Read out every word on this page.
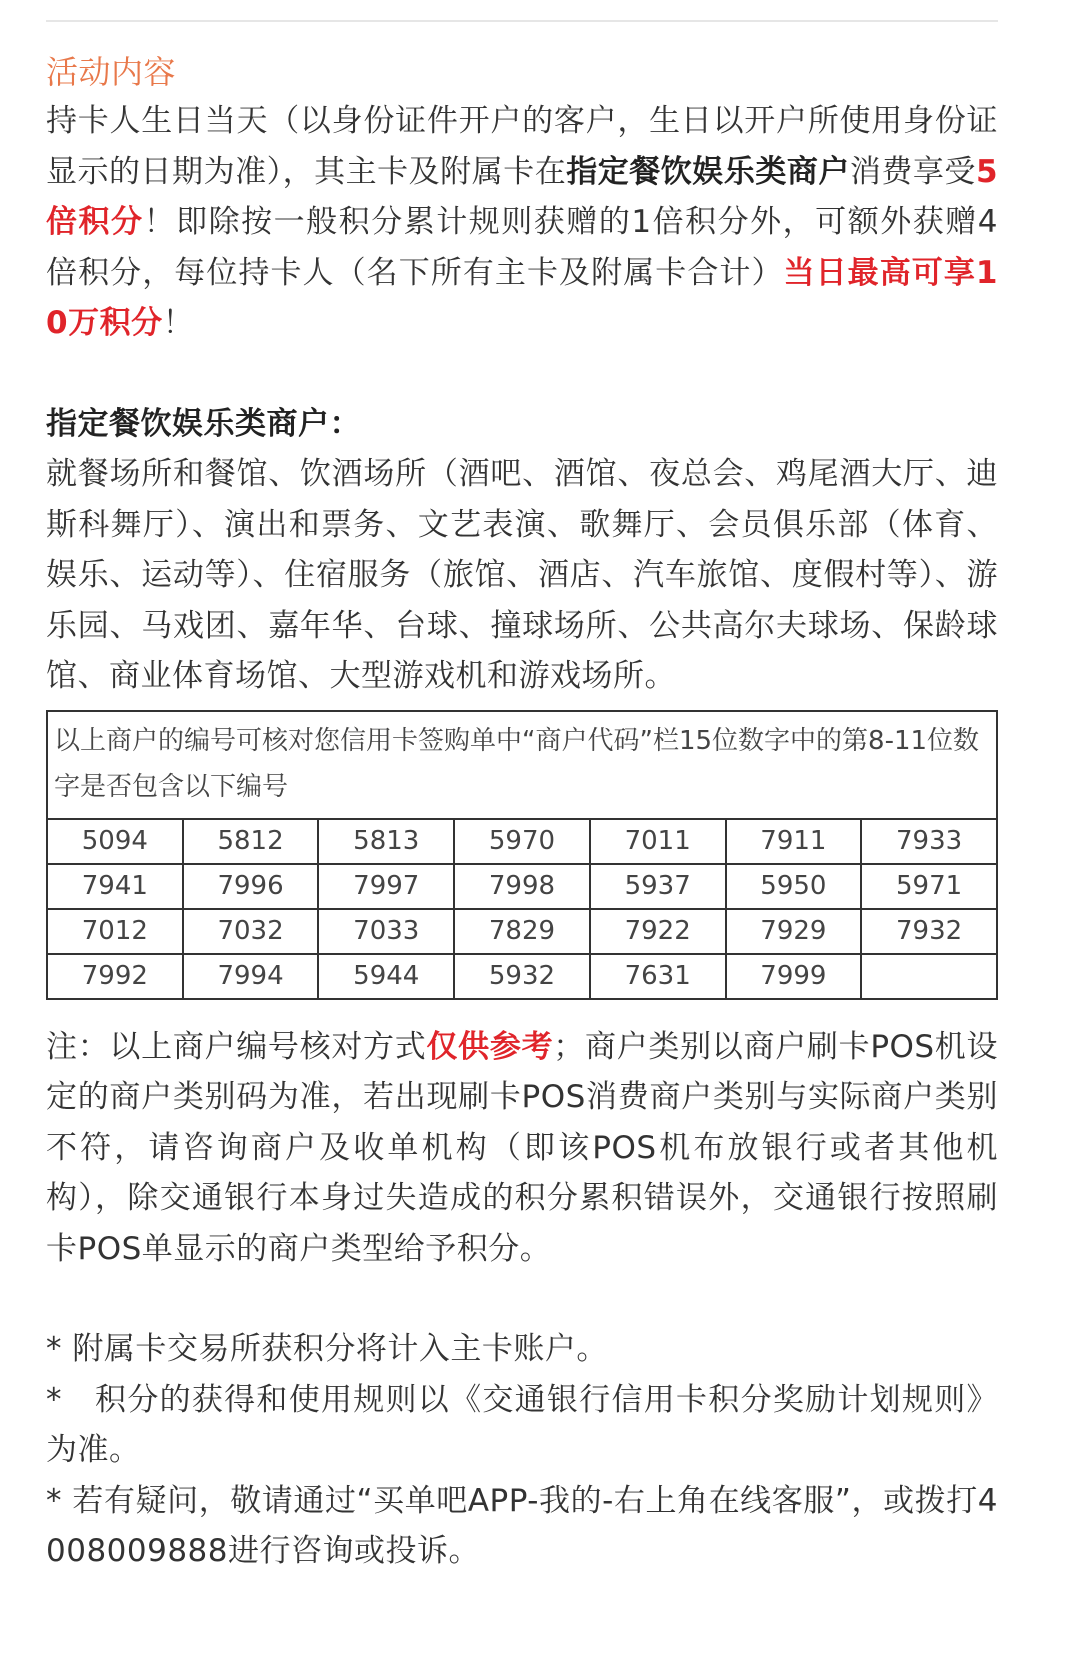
活动内容

持卡人生日当天（以身份证件开户的客户，生日以开户所使用身份证显示的日期为准），其主卡及附属卡在指定餐饮娱乐类商户消费享受5倍积分！即除按一般积分累计规则获赠的1倍积分外，可额外获赠4倍积分，每位持卡人（名下所有主卡及附属卡合计）当日最高可享10万积分！

指定餐饮娱乐类商户：

就餐场所和餐馆、饮酒场所（酒吧、酒馆、夜总会、鸡尾酒大厅、迪斯科舞厅）、演出和票务、文艺表演、歌舞厅、会员俱乐部（体育、娱乐、运动等）、住宿服务（旅馆、酒店、汽车旅馆、度假村等）、游乐园、马戏团、嘉年华、台球、撞球场所、公共高尔夫球场、保龄球馆、商业体育场馆、大型游戏机和游戏场所。

以上商户的编号可核对您信用卡签购单中“商户代码”栏15位数字中的第8-11位数字是否包含以下编号						
5094	5812	5813	5970	7011	7911	7933
7941	7996	7997	7998	5937	5950	5971
7012	7032	7033	7829	7922	7929	7932
7992	7994	5944	5932	7631	7999	

注：以上商户编号核对方式仅供参考；商户类别以商户刷卡POS机设定的商户类别码为准，若出现刷卡POS消费商户类别与实际商户类别不符，请咨询商户及收单机构（即该POS机布放银行或者其他机构），除交通银行本身过失造成的积分累积错误外，交通银行按照刷卡POS单显示的商户类型给予积分。

* 附属卡交易所获积分将计入主卡账户。

*　积分的获得和使用规则以《交通银行信用卡积分奖励计划规则》为准。

* 若有疑问，敬请通过“买单吧APP-我的-右上角在线客服”，或拨打4008009888进行咨询或投诉。
